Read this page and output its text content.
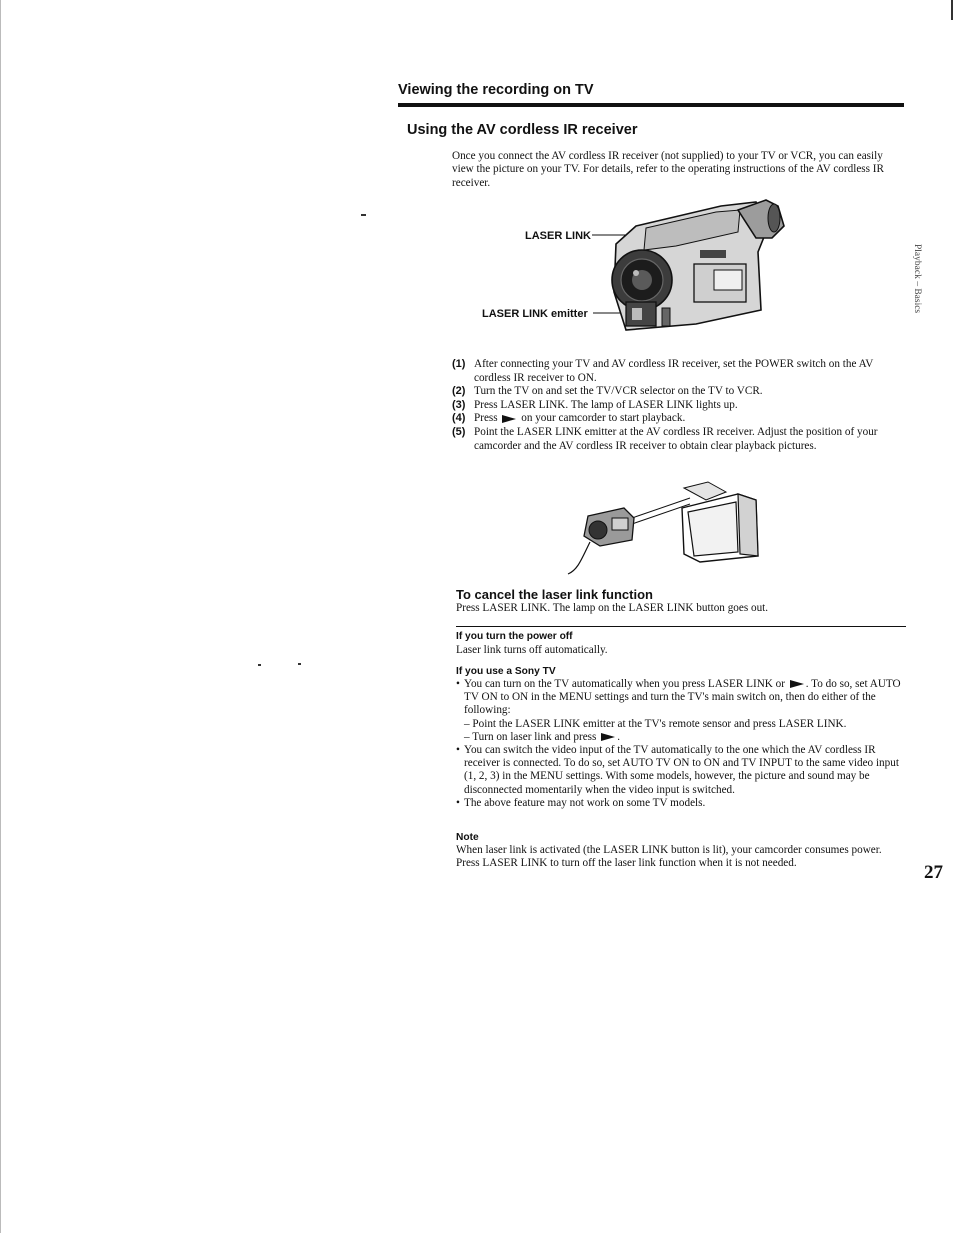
Viewing the recording on TV
Using the AV cordless IR receiver
Once you connect the AV cordless IR receiver (not supplied) to your TV or VCR, you can easily view the picture on your TV. For details, refer to the operating instructions of the AV cordless IR receiver.
LASER LINK
LASER LINK emitter
(1) After connecting your TV and AV cordless IR receiver, set the POWER switch on the AV cordless IR receiver to ON.
(2) Turn the TV on and set the TV/VCR selector on the TV to VCR.
(3) Press LASER LINK. The lamp of LASER LINK lights up.
(4) Press on your camcorder to start playback.
(5) Point the LASER LINK emitter at the AV cordless IR receiver. Adjust the position of your camcorder and the AV cordless IR receiver to obtain clear playback pictures.
To cancel the laser link function
Press LASER LINK. The lamp on the LASER LINK button goes out.
If you turn the power off
Laser link turns off automatically.
If you use a Sony TV
• You can turn on the TV automatically when you press LASER LINK or . To do so, set AUTO TV ON to ON in the MENU settings and turn the TV's main switch on, then do either of the following:
– Point the LASER LINK emitter at the TV's remote sensor and press LASER LINK.
– Turn on laser link and press .
• You can switch the video input of the TV automatically to the one which the AV cordless IR receiver is connected. To do so, set AUTO TV ON to ON and TV INPUT to the same video input (1, 2, 3) in the MENU settings. With some models, however, the picture and sound may be disconnected momentarily when the video input is switched.
• The above feature may not work on some TV models.
Note
When laser link is activated (the LASER LINK button is lit), your camcorder consumes power. Press LASER LINK to turn off the laser link function when it is not needed.
Playback – Basics
27
